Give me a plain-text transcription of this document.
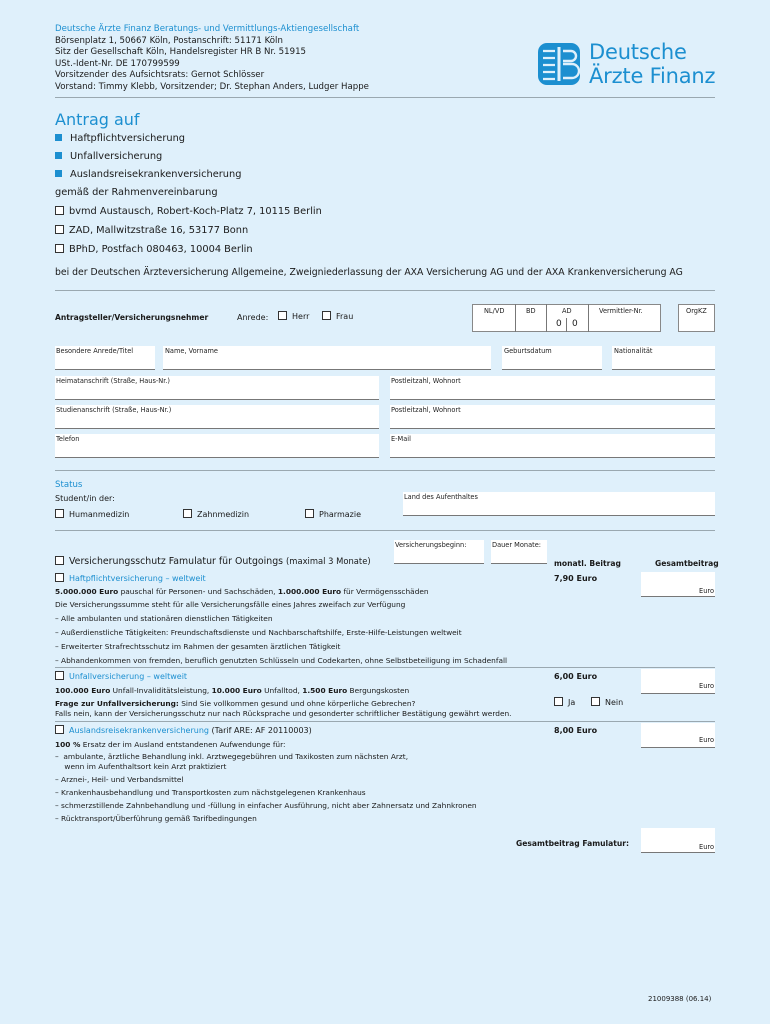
Deutsche Ärzte Finanz Beratungs- und Vermittlungs-Aktiengesellschaft
Börsenplatz 1, 50667 Köln, Postanschrift: 51171 Köln
Sitz der Gesellschaft Köln, Handelsregister HR B Nr. 51915
USt.-Ident-Nr. DE 170799599
Vorsitzender des Aufsichtsrats: Gernot Schlösser
Vorstand: Timmy Klebb, Vorsitzender; Dr. Stephan Anders, Ludger Happe
Deutsche
Ärzte Finanz
Antrag auf
Haftpflichtversicherung
Unfallversicherung
Auslandsreisekrankenversicherung
gemäß der Rahmenvereinbarung
bvmd Austausch, Robert-Koch-Platz 7, 10115 Berlin
ZAD, Mallwitzstraße 16, 53177 Bonn
BPhD, Postfach 080463, 10004 Berlin
bei der Deutschen Ärzteversicherung Allgemeine, Zweigniederlassung der AXA Versicherung AG und der AXA Krankenversicherung AG
Antragsteller/Versicherungsnehmer	Anrede:	Herr	Frau
NL/VD	BD	AD	Vermittler-Nr.
0 0
OrgKZ
Besondere Anrede/Titel	Name, Vorname	Geburtsdatum	Nationalität
Heimatanschrift (Straße, Haus-Nr.)	Postleitzahl, Wohnort
Studienanschrift (Straße, Haus-Nr.)	Postleitzahl, Wohnort
Telefon	E-Mail
Status
Student/in der:
Humanmedizin	Zahnmedizin	Pharmazie
Land des Aufenthaltes
Versicherungsbeginn:	Dauer Monate:
Versicherungsschutz Famulatur für Outgoings (maximal 3 Monate)	monatl. Beitrag	Gesamtbeitrag
Haftpflichtversicherung – weltweit	7,90 Euro
Euro
5.000.000 Euro pauschal für Personen- und Sachschäden, 1.000.000 Euro für Vermögensschäden
Die Versicherungssumme steht für alle Versicherungsfälle eines Jahres zweifach zur Verfügung
– Alle ambulanten und stationären dienstlichen Tätigkeiten
– Außerdienstliche Tätigkeiten: Freundschaftsdienste und Nachbarschaftshilfe, Erste-Hilfe-Leistungen weltweit
– Erweiterter Strafrechtsschutz im Rahmen der gesamten ärztlichen Tätigkeit
– Abhandenkommen von fremden, beruflich genutzten Schlüsseln und Codekarten, ohne Selbstbeteiligung im Schadenfall
Unfallversicherung – weltweit	6,00 Euro
Euro
100.000 Euro Unfall-Invaliditätsleistung, 10.000 Euro Unfalltod, 1.500 Euro Bergungskosten
Frage zur Unfallversicherung: Sind Sie vollkommen gesund und ohne körperliche Gebrechen?
Falls nein, kann der Versicherungsschutz nur nach Rücksprache und gesonderter schriftlicher Bestätigung gewährt werden.
Ja	Nein
Auslandsreisekrankenversicherung (Tarif ARE: AF 20110003)	8,00 Euro
Euro
100 % Ersatz der im Ausland entstandenen Aufwendunge für:
–  ambulante, ärztliche Behandlung inkl. Arztwegegebühren und Taxikosten zum nächsten Arzt,
wenn im Aufenthaltsort kein Arzt praktiziert
– Arznei-, Heil- und Verbandsmittel
– Krankenhausbehandlung und Transportkosten zum nächstgelegenen Krankenhaus
– schmerzstillende Zahnbehandlung und -füllung in einfacher Ausführung, nicht aber Zahnersatz und Zahnkronen
– Rücktransport/Überführung gemäß Tarifbedingungen
Gesamtbeitrag Famulatur:	Euro
21009388 (06.14)
